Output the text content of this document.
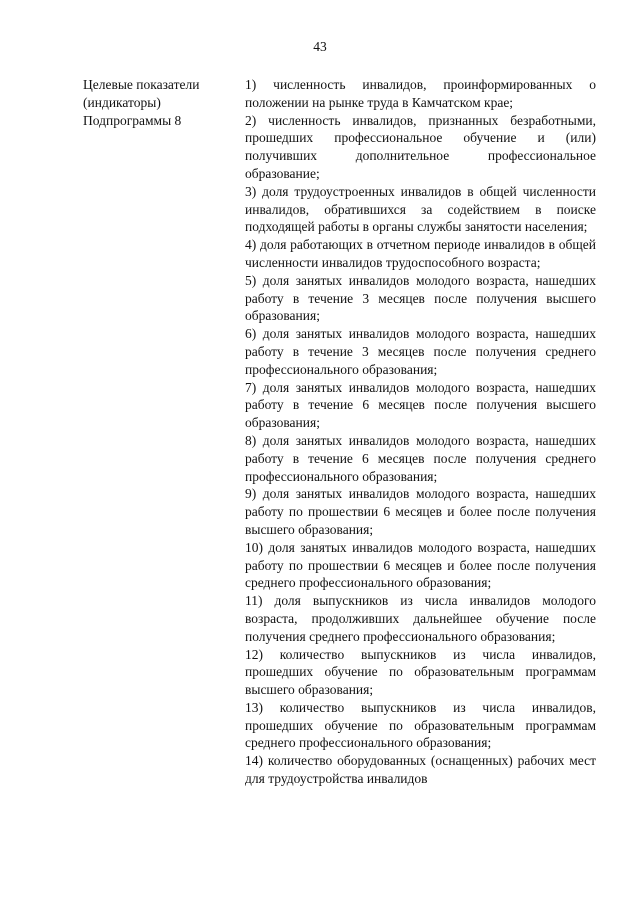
43
Целевые показатели
(индикаторы)
Подпрограммы 8

1) численность инвалидов, проинформированных о положении на рынке труда в Камчатском крае;

2) численность инвалидов, признанных безработными, прошедших профессиональное обучение и (или) получивших дополнительное профессиональное образование;

3) доля трудоустроенных инвалидов в общей численности инвалидов, обратившихся за содействием в поиске подходящей работы в органы службы занятости населения;

4) доля работающих в отчетном периоде инвалидов в общей численности инвалидов трудоспособного возраста;

5) доля занятых инвалидов молодого возраста, нашедших работу в течение 3 месяцев после получения высшего образования;

6) доля занятых инвалидов молодого возраста, нашедших работу в течение 3 месяцев после получения среднего профессионального образования;

7) доля занятых инвалидов молодого возраста, нашедших работу в течение 6 месяцев после получения высшего образования;

8) доля занятых инвалидов молодого возраста, нашедших работу в течение 6 месяцев после получения среднего профессионального образования;

9) доля занятых инвалидов молодого возраста, нашедших работу по прошествии 6 месяцев и более после получения высшего образования;

10) доля занятых инвалидов молодого возраста, нашедших работу по прошествии 6 месяцев и более после получения среднего профессионального образования;

11) доля выпускников из числа инвалидов молодого возраста, продолживших дальнейшее обучение после получения среднего профессионального образования;

12) количество выпускников из числа инвалидов, прошедших обучение по образовательным программам высшего образования;

13) количество выпускников из числа инвалидов, прошедших обучение по образовательным программам среднего профессионального образования;

14) количество оборудованных (оснащенных) рабочих мест для трудоустройства инвалидов
